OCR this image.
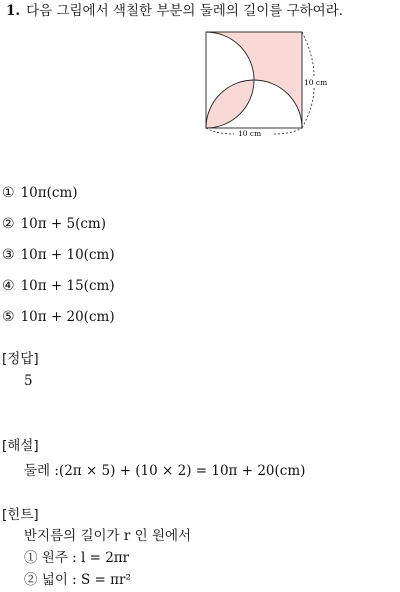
1. 다음 그림에서 색칠한 부분의 둘레의 길이를 구하여라.
10 cm
10 cm
① 10π(cm)
② 10π + 5(cm)
③ 10π + 10(cm)
④ 10π + 15(cm)
⑤ 10π + 20(cm)
[정답]
5
[해설]
둘레 :(2π × 5) + (10 × 2) = 10π + 20(cm)
[힌트]
반지름의 길이가 r 인 원에서
① 원주 : l = 2πr
② 넓이 : S = πr²
